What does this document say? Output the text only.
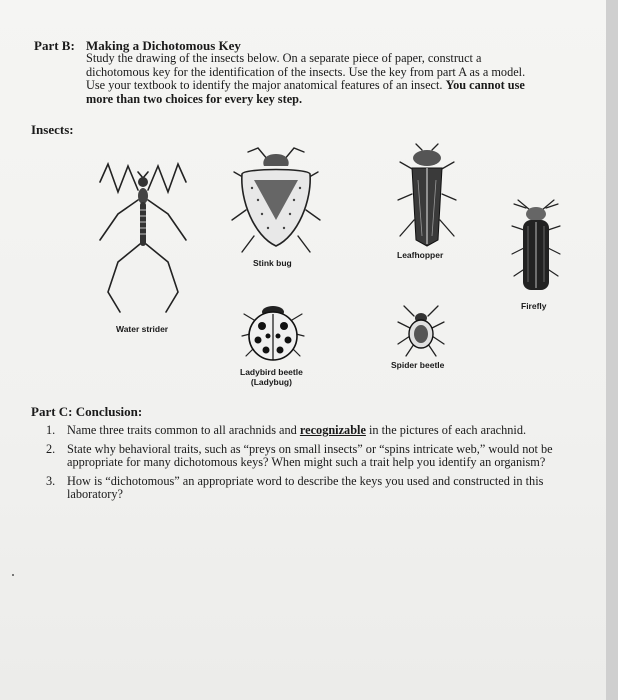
Part B: Making a Dichotomous Key
Study the drawing of the insects below. On a separate piece of paper, construct a
dichotomous key for the identification of the insects. Use the key from part A as a model.
Use your textbook to identify the major anatomical features of an insect. You cannot use
more than two choices for every key step.
Insects:
Water strider
Stink bug
Leafhopper
Firefly
Ladybird beetle
(Ladybug)
Spider beetle
Part C: Conclusion:
1. Name three traits common to all arachnids and recognizable in the pictures of each arachnid.
2. State why behavioral traits, such as “preys on small insects” or “spins intricate web,” would not be appropriate for many dichotomous keys? When might such a trait help you identify an organism?
3. How is “dichotomous” an appropriate word to describe the keys you used and constructed in this laboratory?
